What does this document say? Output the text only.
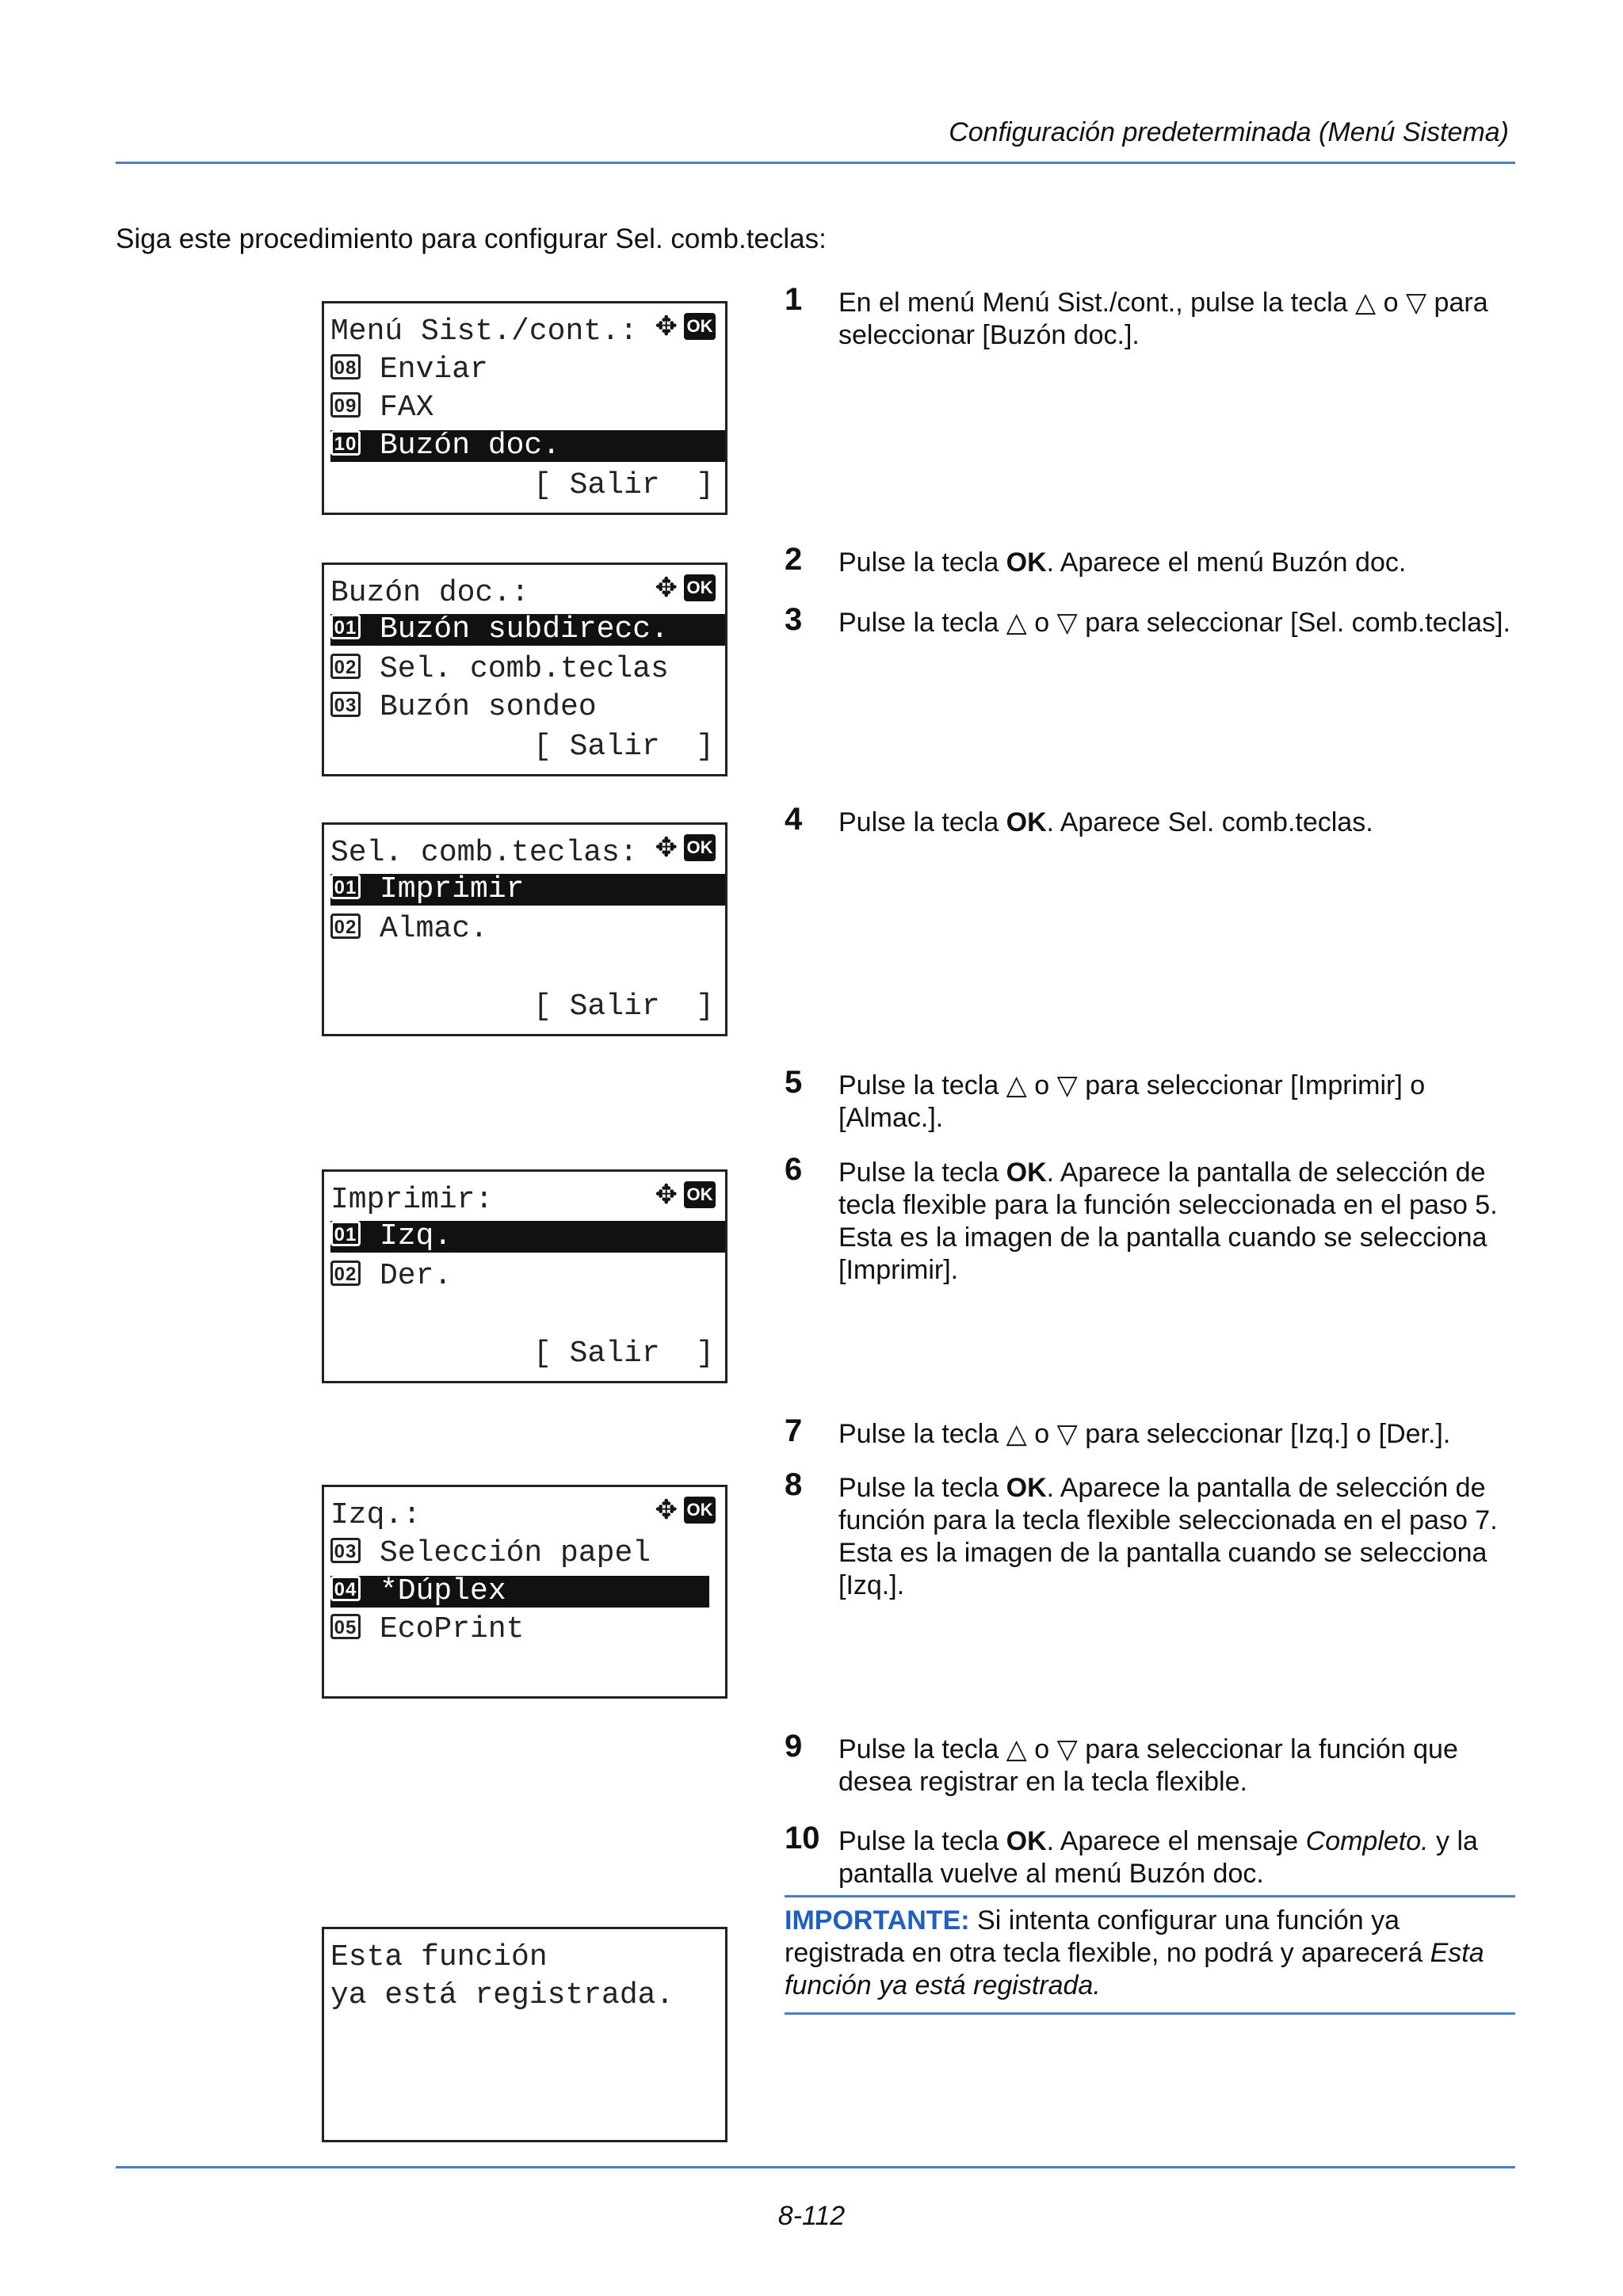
Configuración predeterminada (Menú Sistema)
Siga este procedimiento para configurar Sel. comb.teclas:
Menú Sist./cont.: ✥ OK
08 Enviar
09 FAX
10 Buzón doc.
[ Salir  ]
Buzón doc.:	✥ OK
01 Buzón subdirecc.
02 Sel. comb.teclas
03 Buzón sondeo
[ Salir  ]
Sel. comb.teclas: ✥ OK
01 Imprimir
02 Almac.
[ Salir  ]
Imprimir:	✥ OK
01 Izq.
02 Der.
[ Salir  ]
Izq.:	✥ OK
03 Selección papel
04 *Dúplex
05 EcoPrint
Esta función
ya está registrada.
1 En el menú Menú Sist./cont., pulse la tecla △ o ▽ para seleccionar [Buzón doc.].
2 Pulse la tecla OK. Aparece el menú Buzón doc.
3 Pulse la tecla △ o ▽ para seleccionar [Sel. comb.teclas].
4 Pulse la tecla OK. Aparece Sel. comb.teclas.
5 Pulse la tecla △ o ▽ para seleccionar [Imprimir] o [Almac.].
6 Pulse la tecla OK. Aparece la pantalla de selección de tecla flexible para la función seleccionada en el paso 5. Esta es la imagen de la pantalla cuando se selecciona [Imprimir].
7 Pulse la tecla △ o ▽ para seleccionar [Izq.] o [Der.].
8 Pulse la tecla OK. Aparece la pantalla de selección de función para la tecla flexible seleccionada en el paso 7. Esta es la imagen de la pantalla cuando se selecciona [Izq.].
9 Pulse la tecla △ o ▽ para seleccionar la función que desea registrar en la tecla flexible.
10 Pulse la tecla OK. Aparece el mensaje Completo. y la pantalla vuelve al menú Buzón doc.
IMPORTANTE: Si intenta configurar una función ya registrada en otra tecla flexible, no podrá y aparecerá Esta función ya está registrada.
8-112
